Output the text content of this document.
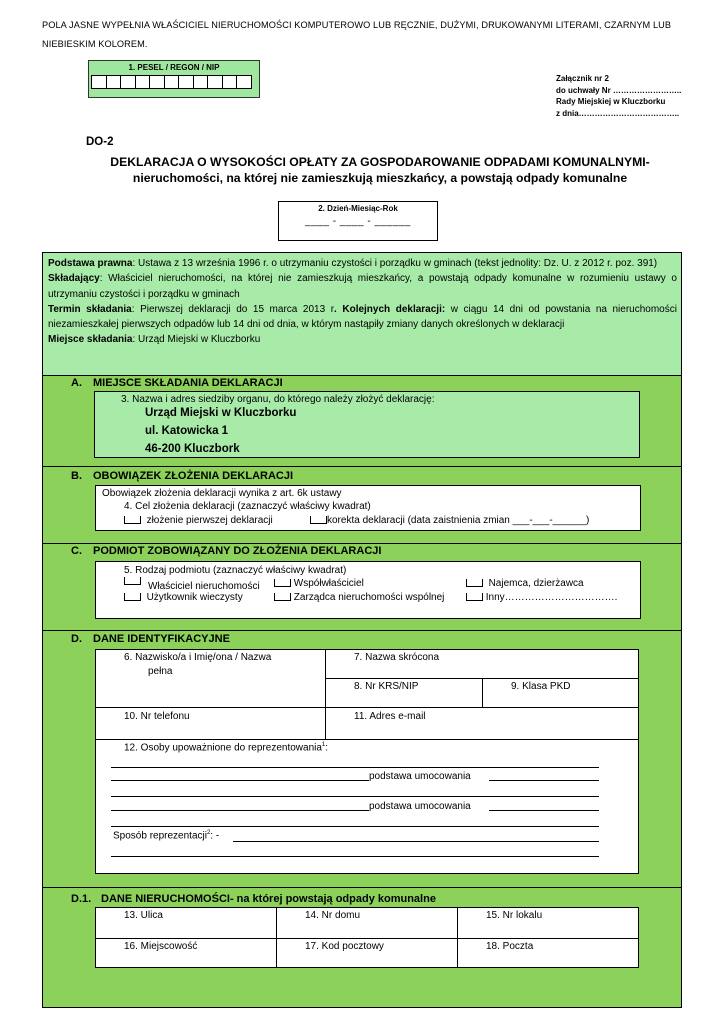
POLA JASNE WYPEŁNIA WŁAŚCICIEL NIERUCHOMOŚCI KOMPUTEROWO LUB RĘCZNIE, DUŻYMI, DRUKOWANYMI LITERAMI, CZARNYM LUB NIEBIESKIM KOLOREM.
1. PESEL / REGON / NIP
Załącznik nr 2
do uchwały Nr ……………………..
Rady Miejskiej w Kluczborku
z dnia………………………………..
DO-2
DEKLARACJA O WYSOKOŚCI OPŁATY ZA GOSPODAROWANIE ODPADAMI KOMUNALNYMI-
nieruchomości, na której nie zamieszkują mieszkańcy, a powstają odpady komunalne
2. Dzień-Miesiąc-Rok
____ - ____ - ______

Podstawa prawna: Ustawa z 13 września 1996 r. o utrzymaniu czystości i porządku w gminach (tekst jednolity: Dz. U. z 2012 r. poz. 391)

Składający: Właściciel nieruchomości, na której nie zamieszkują mieszkańcy, a powstają odpady komunalne w rozumieniu ustawy o utrzymaniu czystości i porządku w gminach

Termin składania: Pierwszej deklaracji do 15 marca 2013 r. Kolejnych deklaracji: w ciągu 14 dni od powstania na nieruchomości niezamieszkałej pierwszych odpadów lub 14 dni od dnia, w którym nastąpiły zmiany danych określonych w deklaracji

Miejsce składania: Urząd Miejski w Kluczborku

A. MIEJSCE SKŁADANIA DEKLARACJI
3. Nazwa i adres siedziby organu, do którego należy złożyć deklarację:
Urząd Miejski w Kluczborku
ul. Katowicka 1
46-200 Kluczbork
B. OBOWIĄZEK ZŁOŻENIA DEKLARACJI
Obowiązek złożenia deklaracji wynika z art. 6k ustawy
4. Cel złożenia deklaracji (zaznaczyć właściwy kwadrat)
złożenie pierwszej deklaracji	korekta deklaracji (data zaistnienia zmian ___-___-______)
C. PODMIOT ZOBOWIĄZANY DO ZŁOŻENIA DEKLARACJI
5. Rodzaj podmiotu (zaznaczyć właściwy kwadrat)

Właściciel nieruchomości	Współwłaściciel	Najemca, dzierżawca
Użytkownik wieczysty	Zarządca nieruchomości wspólnej	Inny…………………………….
D. DANE IDENTYFIKACYJNE
6. Nazwisko/a i Imię/ona / Nazwa
pełna
7. Nazwa skrócona
8. Nr KRS/NIP	9. Klasa PKD
10. Nr telefonu	11. Adres e-mail
12. Osoby upoważnione do reprezentowania$^1$:
podstawa umocowania
podstawa umocowania
Sposób reprezentacji$^2$: -
D.1. DANE NIERUCHOMOŚCI- na której powstają odpady komunalne
13. Ulica	14. Nr domu	15. Nr lokalu
16. Miejscowość	17. Kod pocztowy	18. Poczta
